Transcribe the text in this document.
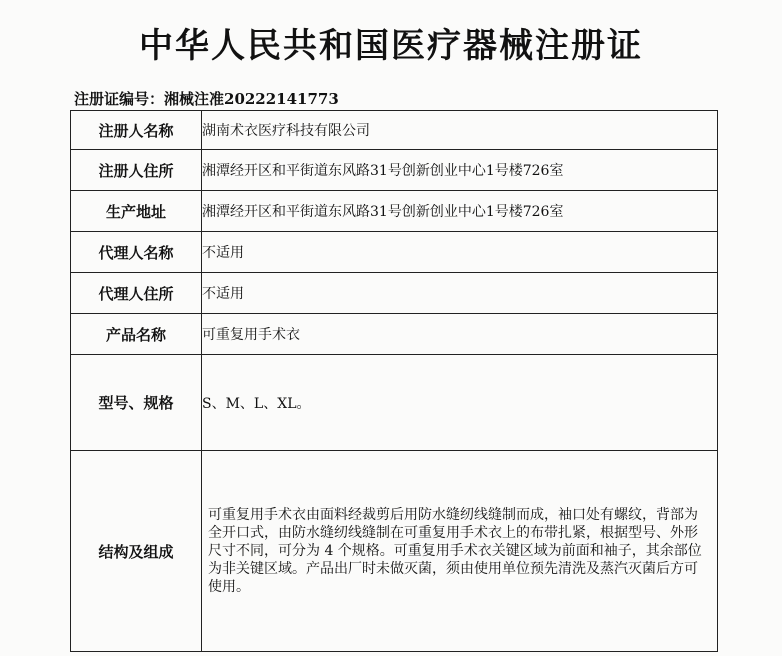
中华人民共和国医疗器械注册证
注册证编号：湘械注准20222141773
注册人名称	湖南术衣医疗科技有限公司
注册人住所	湘潭经开区和平街道东风路31号创新创业中心1号楼726室
生产地址	湘潭经开区和平街道东风路31号创新创业中心1号楼726室
代理人名称	不适用
代理人住所	不适用
产品名称	可重复用手术衣
型号、规格	S、M、L、XL。
结构及组成	可重复用手术衣由面料经裁剪后用防水缝纫线缝制而成，袖口处有螺纹，背部为全开口式，由防水缝纫线缝制在可重复用手术衣上的布带扎紧，根据型号、外形尺寸不同，可分为 4 个规格。可重复用手术衣关键区域为前面和袖子，其余部位为非关键区域。产品出厂时未做灭菌，须由使用单位预先清洗及蒸汽灭菌后方可使用。
